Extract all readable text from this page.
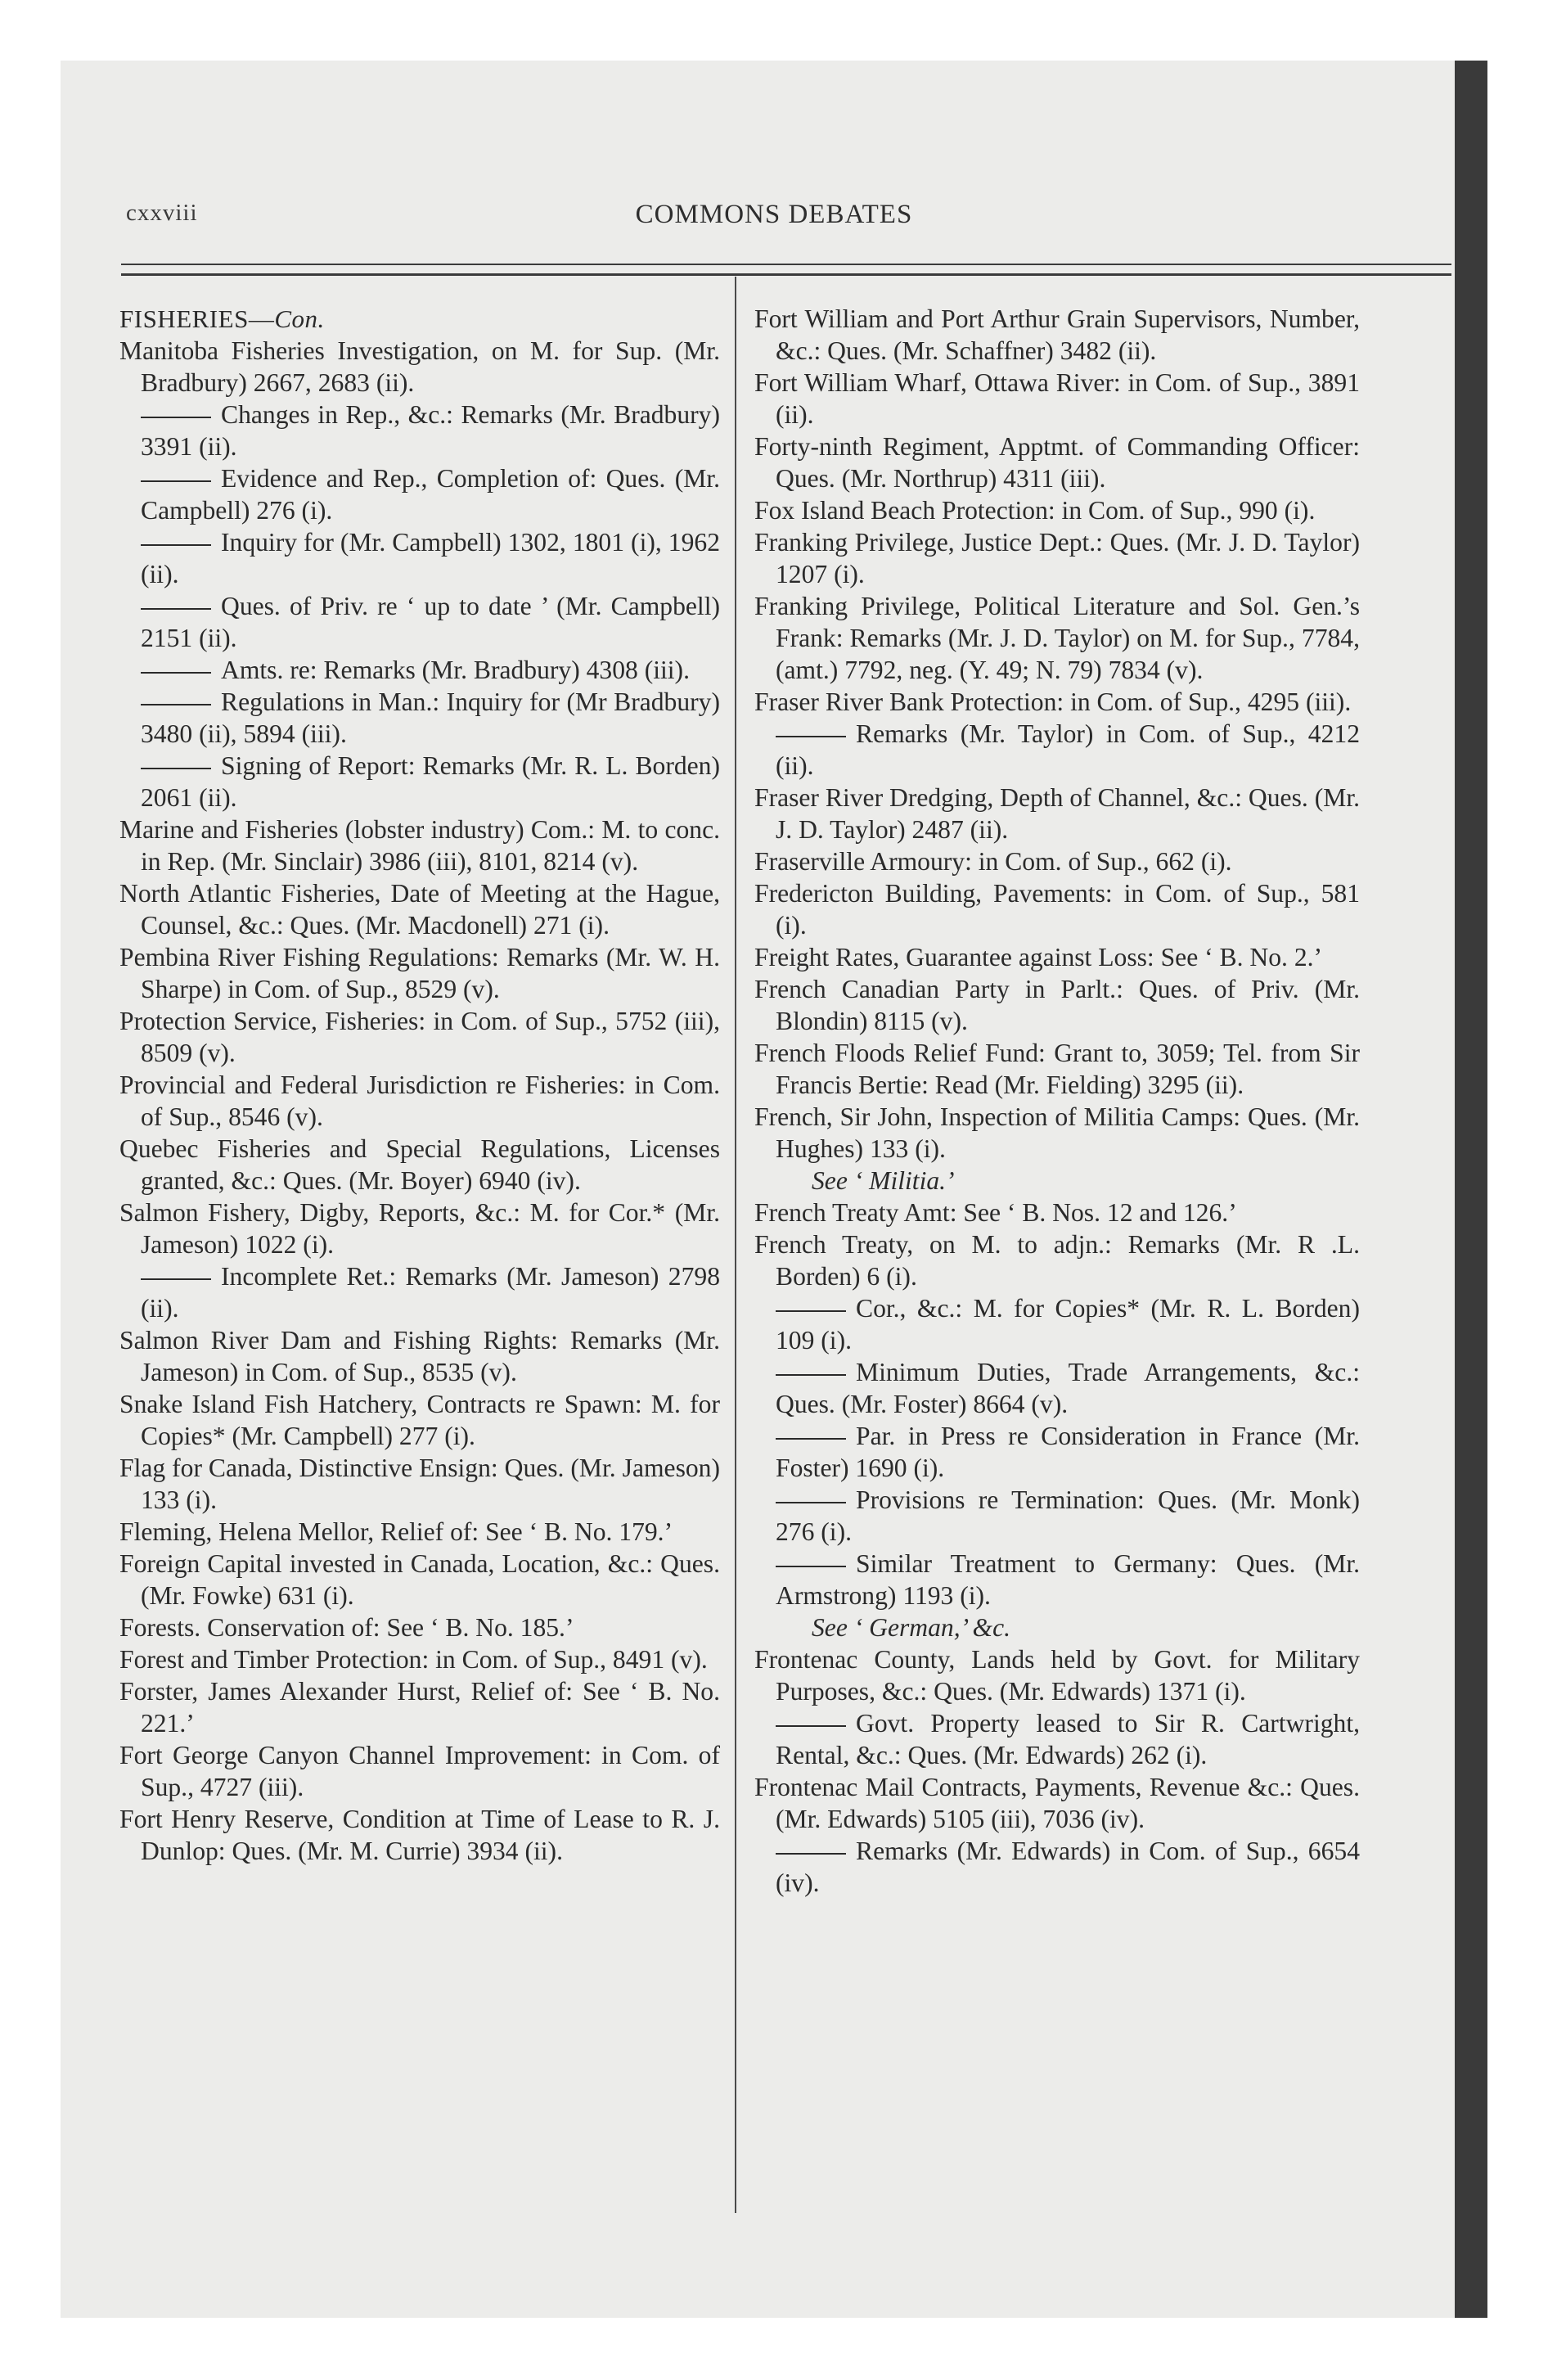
cxxviii	COMMONS DEBATES
FISHERIES—Con.
Manitoba Fisheries Investigation, on M. for Sup. (Mr. Bradbury) 2667, 2683 (ii).
Changes in Rep., &c.: Remarks (Mr. Bradbury) 3391 (ii).
Evidence and Rep., Completion of: Ques. (Mr. Campbell) 276 (i).
Inquiry for (Mr. Campbell) 1302, 1801 (i), 1962 (ii).
Ques. of Priv. re ‘ up to date ’ (Mr. Campbell) 2151 (ii).
Amts. re: Remarks (Mr. Bradbury) 4308 (iii).
Regulations in Man.: Inquiry for (Mr Bradbury) 3480 (ii), 5894 (iii).
Signing of Report: Remarks (Mr. R. L. Borden) 2061 (ii).
Marine and Fisheries (lobster industry) Com.: M. to conc. in Rep. (Mr. Sinclair) 3986 (iii), 8101, 8214 (v).
North Atlantic Fisheries, Date of Meeting at the Hague, Counsel, &c.: Ques. (Mr. Macdonell) 271 (i).
Pembina River Fishing Regulations: Remarks (Mr. W. H. Sharpe) in Com. of Sup., 8529 (v).
Protection Service, Fisheries: in Com. of Sup., 5752 (iii), 8509 (v).
Provincial and Federal Jurisdiction re Fisheries: in Com. of Sup., 8546 (v).
Quebec Fisheries and Special Regulations, Licenses granted, &c.: Ques. (Mr. Boyer) 6940 (iv).
Salmon Fishery, Digby, Reports, &c.: M. for Cor.* (Mr. Jameson) 1022 (i).
Incomplete Ret.: Remarks (Mr. Jameson) 2798 (ii).
Salmon River Dam and Fishing Rights: Remarks (Mr. Jameson) in Com. of Sup., 8535 (v).
Snake Island Fish Hatchery, Contracts re Spawn: M. for Copies* (Mr. Campbell) 277 (i).
Flag for Canada, Distinctive Ensign: Ques. (Mr. Jameson) 133 (i).
Fleming, Helena Mellor, Relief of: See ‘ B. No. 179.’
Foreign Capital invested in Canada, Location, &c.: Ques. (Mr. Fowke) 631 (i).
Forests. Conservation of: See ‘ B. No. 185.’
Forest and Timber Protection: in Com. of Sup., 8491 (v).
Forster, James Alexander Hurst, Relief of: See ‘ B. No. 221.’
Fort George Canyon Channel Improvement: in Com. of Sup., 4727 (iii).
Fort Henry Reserve, Condition at Time of Lease to R. J. Dunlop: Ques. (Mr. M. Currie) 3934 (ii).
Fort William and Port Arthur Grain Supervisors, Number, &c.: Ques. (Mr. Schaffner) 3482 (ii).
Fort William Wharf, Ottawa River: in Com. of Sup., 3891 (ii).
Forty-ninth Regiment, Apptmt. of Commanding Officer: Ques. (Mr. Northrup) 4311 (iii).
Fox Island Beach Protection: in Com. of Sup., 990 (i).
Franking Privilege, Justice Dept.: Ques. (Mr. J. D. Taylor) 1207 (i).
Franking Privilege, Political Literature and Sol. Gen.’s Frank: Remarks (Mr. J. D. Taylor) on M. for Sup., 7784, (amt.) 7792, neg. (Y. 49; N. 79) 7834 (v).
Fraser River Bank Protection: in Com. of Sup., 4295 (iii).
Remarks (Mr. Taylor) in Com. of Sup., 4212 (ii).
Fraser River Dredging, Depth of Channel, &c.: Ques. (Mr. J. D. Taylor) 2487 (ii).
Fraserville Armoury: in Com. of Sup., 662 (i).
Fredericton Building, Pavements: in Com. of Sup., 581 (i).
Freight Rates, Guarantee against Loss: See ‘ B. No. 2.’
French Canadian Party in Parlt.: Ques. of Priv. (Mr. Blondin) 8115 (v).
French Floods Relief Fund: Grant to, 3059; Tel. from Sir Francis Bertie: Read (Mr. Fielding) 3295 (ii).
French, Sir John, Inspection of Militia Camps: Ques. (Mr. Hughes) 133 (i).
See ‘ Militia.’
French Treaty Amt: See ‘ B. Nos. 12 and 126.’
French Treaty, on M. to adjn.: Remarks (Mr. R .L. Borden) 6 (i).
Cor., &c.: M. for Copies* (Mr. R. L. Borden) 109 (i).
Minimum Duties, Trade Arrangements, &c.: Ques. (Mr. Foster) 8664 (v).
Par. in Press re Consideration in France (Mr. Foster) 1690 (i).
Provisions re Termination: Ques. (Mr. Monk) 276 (i).
Similar Treatment to Germany: Ques. (Mr. Armstrong) 1193 (i).
See ‘ German,’ &c.
Frontenac County, Lands held by Govt. for Military Purposes, &c.: Ques. (Mr. Edwards) 1371 (i).
Govt. Property leased to Sir R. Cartwright, Rental, &c.: Ques. (Mr. Edwards) 262 (i).
Frontenac Mail Contracts, Payments, Revenue &c.: Ques. (Mr. Edwards) 5105 (iii), 7036 (iv).
Remarks (Mr. Edwards) in Com. of Sup., 6654 (iv).
